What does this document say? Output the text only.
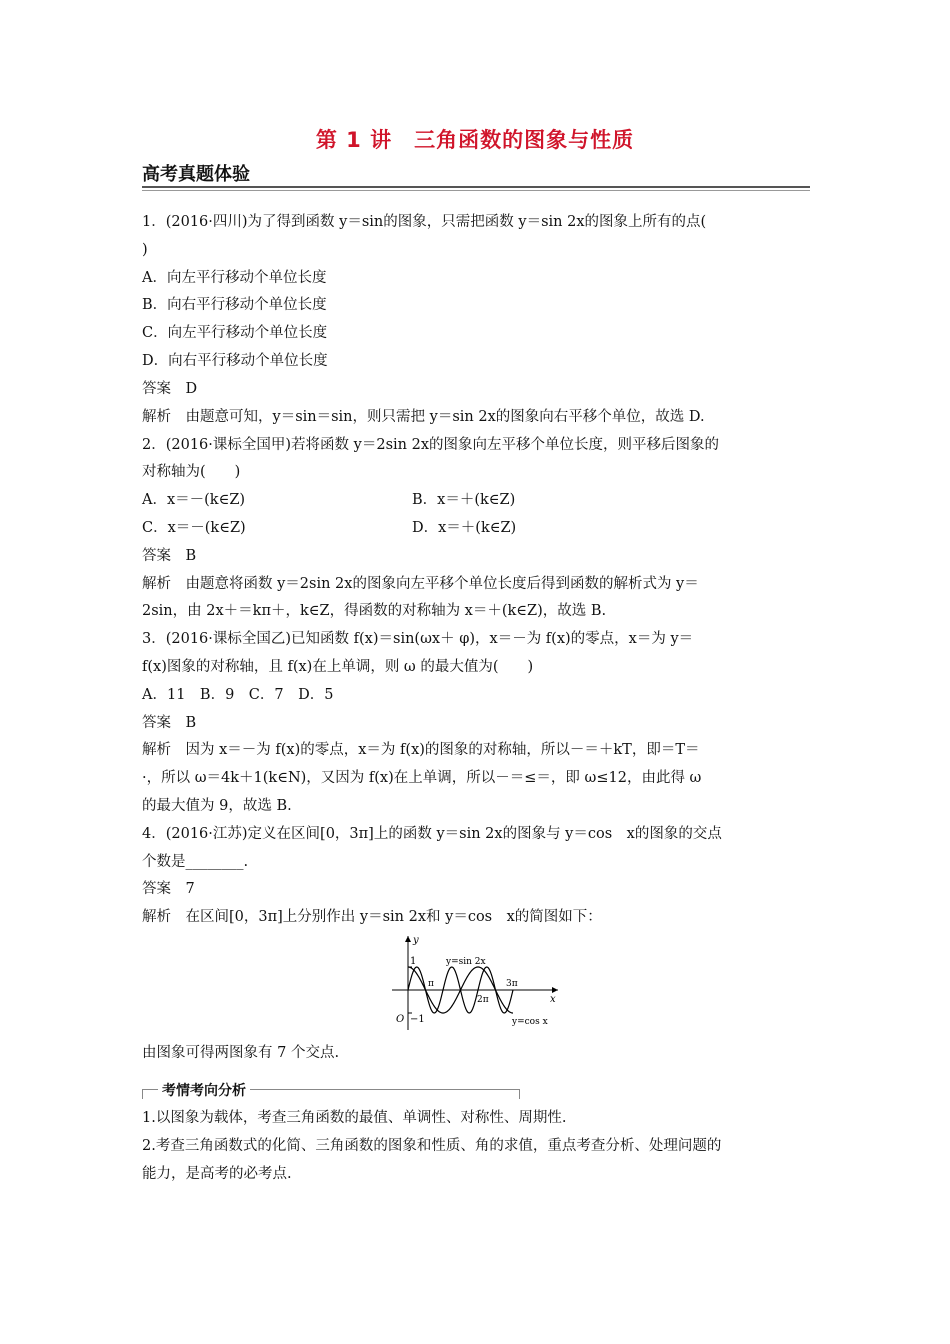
第 1 讲　三角函数的图象与性质
高考真题体验
1．(2016·四川)为了得到函数 y＝sin的图象，只需把函数 y＝sin 2x的图象上所有的点(
)
A．向左平行移动个单位长度
B．向右平行移动个单位长度
C．向左平行移动个单位长度
D．向右平行移动个单位长度
答案　D
解析　由题意可知，y＝sin＝sin，则只需把 y＝sin 2x的图象向右平移个单位，故选 D.
2．(2016·课标全国甲)若将函数 y＝2sin 2x的图象向左平移个单位长度，则平移后图象的
对称轴为(　　)
A．x＝－(k∈Z)	B．x＝＋(k∈Z)
C．x＝－(k∈Z)	D．x＝＋(k∈Z)
答案　B
解析　由题意将函数 y＝2sin 2x的图象向左平移个单位长度后得到函数的解析式为 y＝
2sin，由 2x＋＝kπ＋，k∈Z，得函数的对称轴为 x＝＋(k∈Z)，故选 B.
3．(2016·课标全国乙)已知函数 f(x)＝sin(ωx＋ φ)，x＝－为 f(x)的零点，x＝为 y＝
f(x)图象的对称轴，且 f(x)在上单调，则 ω 的最大值为(　　)
A．11　B．9　C．7　D．5
答案　B
解析　因为 x＝－为 f(x)的零点，x＝为 f(x)的图象的对称轴，所以－＝＋kT，即＝T＝
·，所以 ω＝4k＋1(k∈N)，又因为 f(x)在上单调，所以－＝≤＝，即 ω≤12，由此得 ω
的最大值为 9，故选 B.
4．(2016·江苏)定义在区间[0，3π]上的函数 y＝sin 2x的图象与 y＝cos　x的图象的交点
个数是________.
答案　7
解析　在区间[0，3π]上分别作出 y＝sin 2x和 y＝cos　x的简图如下：
y
x
1
O −1
π
2π
3π
y=sin 2x
y=cos x
由图象可得两图象有 7 个交点.
考情考向分析
1.以图象为载体，考查三角函数的最值、单调性、对称性、周期性.
2.考查三角函数式的化简、三角函数的图象和性质、角的求值，重点考查分析、处理问题的
能力，是高考的必考点.
